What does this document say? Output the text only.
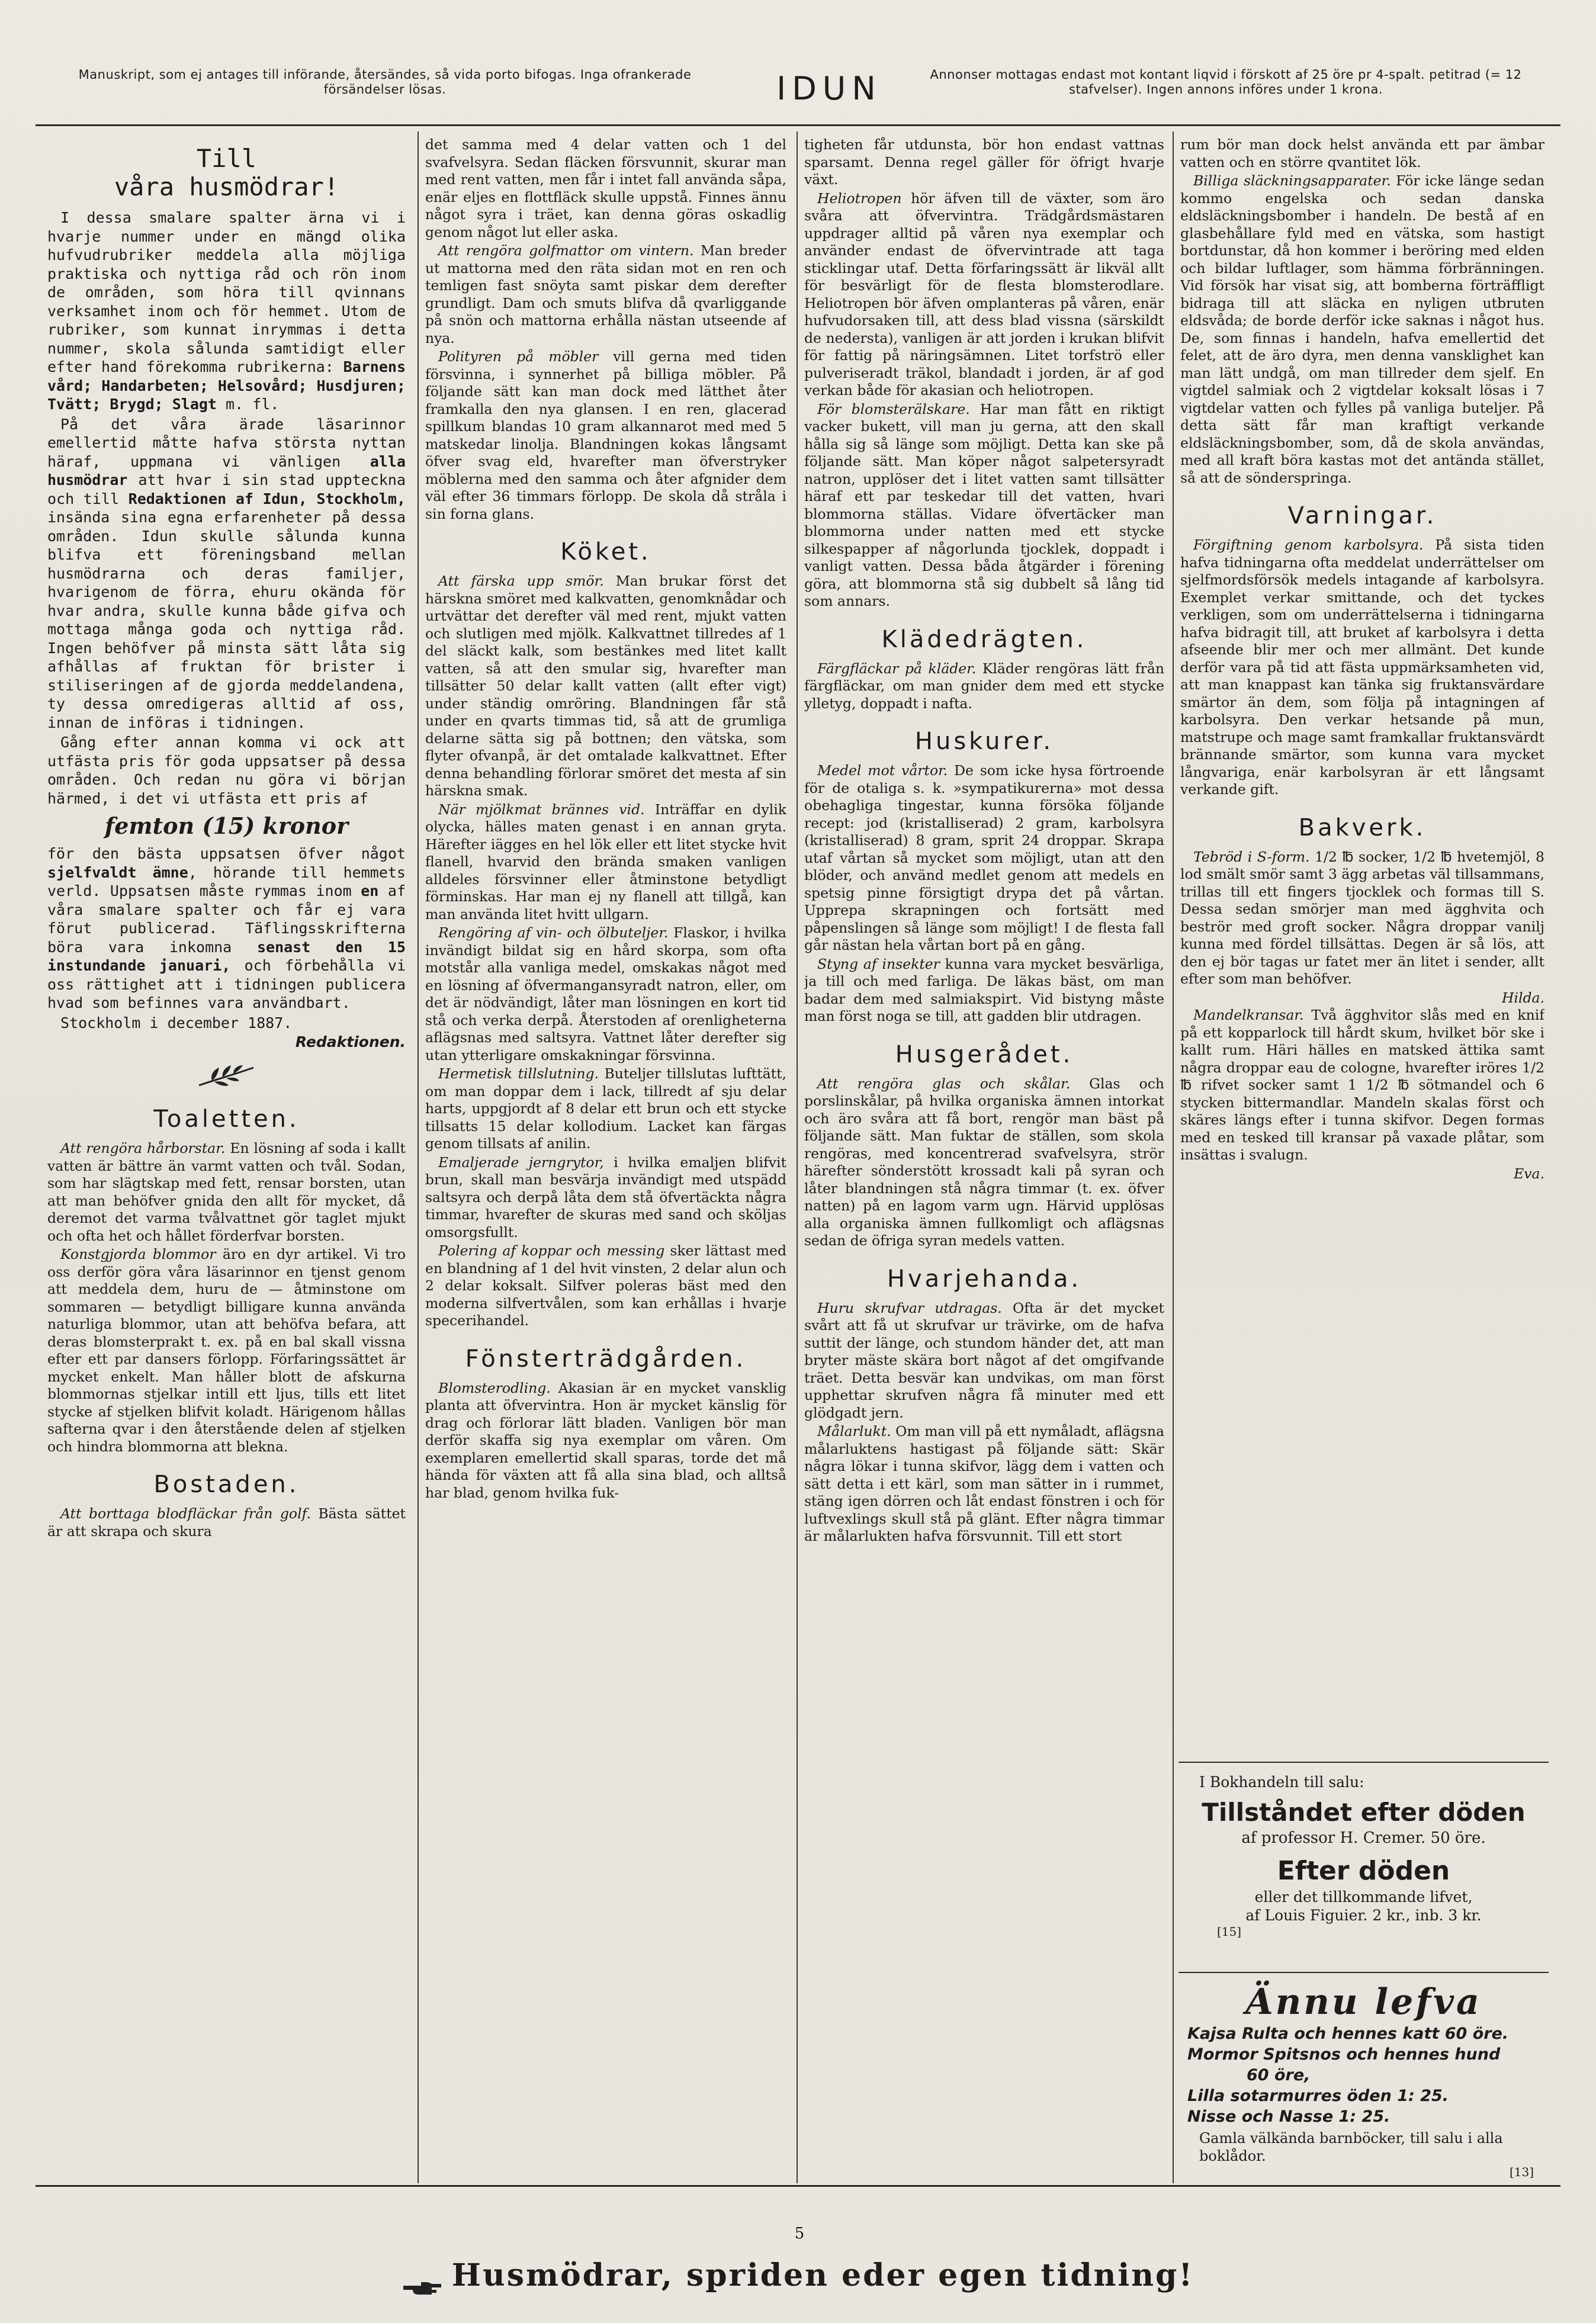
Manuskript, som ej antages till införande, återsändes, så vida porto bifogas. Inga ofrankerade försändelser lösas.	IDUN	Annonser mottagas endast mot kontant liqvid i förskott af 25 öre pr 4-spalt. petitrad (= 12 stafvelser). Ingen annons införes under 1 krona.
Till
våra husmödrar!

I dessa smalare spalter ärna vi i hvarje nummer under en mängd olika hufvudrubriker meddela alla möjliga praktiska och nyttiga råd och rön inom de områden, som höra till qvinnans verksamhet inom och för hemmet. Utom de rubriker, som kunnat inrymmas i detta nummer, skola sålunda samtidigt eller efter hand förekomma rubrikerna: Barnens vård; Handarbeten; Helsovård; Husdjuren; Tvätt; Brygd; Slagt m. fl.

På det våra ärade läsarinnor emellertid måtte hafva största nyttan häraf, uppmana vi vänligen alla husmödrar att hvar i sin stad uppteckna och till Redaktionen af Idun, Stockholm, insända sina egna erfarenheter på dessa områden. Idun skulle sålunda kunna blifva ett föreningsband mellan husmödrarna och deras familjer, hvarigenom de förra, ehuru okända för hvar andra, skulle kunna både gifva och mottaga många goda och nyttiga råd. Ingen behöfver på minsta sätt låta sig afhållas af fruktan för brister i stiliseringen af de gjorda meddelandena, ty dessa omredigeras alltid af oss, innan de införas i tidningen.

Gång efter annan komma vi ock att utfästa pris för goda uppsatser på dessa områden. Och redan nu göra vi början härmed, i det vi utfästa ett pris af

femton (15) kronor

för den bästa uppsatsen öfver något sjelfvaldt ämne, hörande till hemmets verld. Uppsatsen måste rymmas inom en af våra smalare spalter och får ej vara förut publicerad. Täflingsskrifterna böra vara inkomna senast den 15 instundande januari, och förbehålla vi oss rättighet att i tidningen publicera hvad som befinnes vara användbart.

Stockholm i december 1887.

Redaktionen.
Toaletten.

Att rengöra hårborstar. En lösning af soda i kallt vatten är bättre än varmt vatten och tvål. Sodan, som har slägtskap med fett, rensar borsten, utan att man behöfver gnida den allt för mycket, då deremot det varma tvålvattnet gör taglet mjukt och ofta het och hållet förderfvar borsten.

Konstgjorda blommor äro en dyr artikel. Vi tro oss derför göra våra läsarinnor en tjenst genom att meddela dem, huru de — åtminstone om sommaren — betydligt billigare kunna använda naturliga blommor, utan att behöfva befara, att deras blomsterprakt t. ex. på en bal skall vissna efter ett par dansers förlopp. Förfaringssättet är mycket enkelt. Man håller blott de afskurna blommornas stjelkar intill ett ljus, tills ett litet stycke af stjelken blifvit koladt. Härigenom hållas safterna qvar i den återstående delen af stjelken och hindra blommorna att blekna.

Bostaden.

Att borttaga blodfläckar från golf. Bästa sättet är att skrapa och skura

det samma med 4 delar vatten och 1 del svafvelsyra. Sedan fläcken försvunnit, skurar man med rent vatten, men får i intet fall använda såpa, enär eljes en flottfläck skulle uppstå. Finnes ännu något syra i träet, kan denna göras oskadlig genom något lut eller aska.

Att rengöra golfmattor om vintern. Man breder ut mattorna med den räta sidan mot en ren och temligen fast snöyta samt piskar dem derefter grundligt. Dam och smuts blifva då qvarliggande på snön och mattorna erhålla nästan utseende af nya.

Polityren på möbler vill gerna med tiden försvinna, i synnerhet på billiga möbler. På följande sätt kan man dock med lätthet åter framkalla den nya glansen. I en ren, glacerad spillkum blandas 10 gram alkannarot med med 5 matskedar linolja. Blandningen kokas långsamt öfver svag eld, hvarefter man öfverstryker möblerna med den samma och åter afgnider dem väl efter 36 timmars förlopp. De skola då stråla i sin forna glans.

Köket.

Att färska upp smör. Man brukar först det härskna smöret med kalkvatten, genomknådar och urtvättar det derefter väl med rent, mjukt vatten och slutligen med mjölk. Kalkvattnet tillredes af 1 del släckt kalk, som bestänkes med litet kallt vatten, så att den smular sig, hvarefter man tillsätter 50 delar kallt vatten (allt efter vigt) under ständig omröring. Blandningen får stå under en qvarts timmas tid, så att de grumliga delarne sätta sig på bottnen; den vätska, som flyter ofvanpå, är det omtalade kalkvattnet. Efter denna behandling förlorar smöret det mesta af sin härskna smak.

När mjölkmat brännes vid. Inträffar en dylik olycka, hälles maten genast i en annan gryta. Härefter iägges en hel lök eller ett litet stycke hvit flanell, hvarvid den brända smaken vanligen alldeles försvinner eller åtminstone betydligt förminskas. Har man ej ny flanell att tillgå, kan man använda litet hvitt ullgarn.

Rengöring af vin- och ölbuteljer. Flaskor, i hvilka invändigt bildat sig en hård skorpa, som ofta motstår alla vanliga medel, omskakas något med en lösning af öfvermangansyradt natron, eller, om det är nödvändigt, låter man lösningen en kort tid stå och verka derpå. Återstoden af orenligheterna aflägsnas med saltsyra. Vattnet låter derefter sig utan ytterligare omskakningar försvinna.

Hermetisk tillslutning. Buteljer tillslutas lufttätt, om man doppar dem i lack, tillredt af sju delar harts, uppgjordt af 8 delar ett brun och ett stycke tillsatts 15 delar kollodium. Lacket kan färgas genom tillsats af anilin.

Emaljerade jerngrytor, i hvilka emaljen blifvit brun, skall man besvärja invändigt med utspädd saltsyra och derpå låta dem stå öfvertäckta några timmar, hvarefter de skuras med sand och sköljas omsorgsfullt.

Polering af koppar och messing sker lättast med en blandning af 1 del hvit vinsten, 2 delar alun och 2 delar koksalt. Silfver poleras bäst med den moderna silfvertvålen, som kan erhållas i hvarje specerihandel.

Fönsterträdgården.

Blomsterodling. Akasian är en mycket vansklig planta att öfvervintra. Hon är mycket känslig för drag och förlorar lätt bladen. Vanligen bör man derför skaffa sig nya exemplar om våren. Om exemplaren emellertid skall sparas, torde det må hända för växten att få alla sina blad, och alltså har blad, genom hvilka fuk-

tigheten får utdunsta, bör hon endast vattnas sparsamt. Denna regel gäller för öfrigt hvarje växt.

Heliotropen hör äfven till de växter, som äro svåra att öfvervintra. Trädgårdsmästaren uppdrager alltid på våren nya exemplar och använder endast de öfvervintrade att taga sticklingar utaf. Detta förfaringssätt är likväl allt för besvärligt för de flesta blomsterodlare. Heliotropen bör äfven omplanteras på våren, enär hufvudorsaken till, att dess blad vissna (särskildt de nedersta), vanligen är att jorden i krukan blifvit för fattig på näringsämnen. Litet torfströ eller pulveriseradt träkol, blandadt i jorden, är af god verkan både för akasian och heliotropen.

För blomsterälskare. Har man fått en riktigt vacker bukett, vill man ju gerna, att den skall hålla sig så länge som möjligt. Detta kan ske på följande sätt. Man köper något salpetersyradt natron, upplöser det i litet vatten samt tillsätter häraf ett par teskedar till det vatten, hvari blommorna ställas. Vidare öfvertäcker man blommorna under natten med ett stycke silkespapper af någorlunda tjocklek, doppadt i vanligt vatten. Dessa båda åtgärder i förening göra, att blommorna stå sig dubbelt så lång tid som annars.

Klädedrägten.

Färgfläckar på kläder. Kläder rengöras lätt från färgfläckar, om man gnider dem med ett stycke ylletyg, doppadt i nafta.

Huskurer.

Medel mot vårtor. De som icke hysa förtroende för de otaliga s. k. »sympatikurerna» mot dessa obehagliga tingestar, kunna försöka följande recept: jod (kristalliserad) 2 gram, karbolsyra (kristalliserad) 8 gram, sprit 24 droppar. Skrapa utaf vårtan så mycket som möjligt, utan att den blöder, och använd medlet genom att medels en spetsig pinne försigtigt drypa det på vårtan. Upprepa skrapningen och fortsätt med påpenslingen så länge som möjligt! I de flesta fall går nästan hela vårtan bort på en gång.

Styng af insekter kunna vara mycket besvärliga, ja till och med farliga. De läkas bäst, om man badar dem med salmiakspirt. Vid bistyng måste man först noga se till, att gadden blir utdragen.

Husgerådet.

Att rengöra glas och skålar. Glas och porslinskålar, på hvilka organiska ämnen intorkat och äro svåra att få bort, rengör man bäst på följande sätt. Man fuktar de ställen, som skola rengöras, med koncentrerad svafvelsyra, strör härefter sönderstött krossadt kali på syran och låter blandningen stå några timmar (t. ex. öfver natten) på en lagom varm ugn. Härvid upplösas alla organiska ämnen fullkomligt och aflägsnas sedan de öfriga syran medels vatten.

Hvarjehanda.

Huru skrufvar utdragas. Ofta är det mycket svårt att få ut skrufvar ur trävirke, om de hafva suttit der länge, och stundom händer det, att man bryter mäste skära bort något af det omgifvande träet. Detta besvär kan undvikas, om man först upphettar skrufven några få minuter med ett glödgadt jern.

Målarlukt. Om man vill på ett nymåladt, aflägsna målarluktens hastigast på följande sätt: Skär några lökar i tunna skifvor, lägg dem i vatten och sätt detta i ett kärl, som man sätter in i rummet, stäng igen dörren och låt endast fönstren i och för luftvexlings skull stå på glänt. Efter några timmar är målarlukten hafva försvunnit. Till ett stort

rum bör man dock helst använda ett par ämbar vatten och en större qvantitet lök.

Billiga släckningsapparater. För icke länge sedan kommo engelska och sedan danska eldsläckningsbomber i handeln. De bestå af en glasbehållare fyld med en vätska, som hastigt bortdunstar, då hon kommer i beröring med elden och bildar luftlager, som hämma förbränningen. Vid försök har visat sig, att bomberna förträffligt bidraga till att släcka en nyligen utbruten eldsvåda; de borde derför icke saknas i något hus. De, som finnas i handeln, hafva emellertid det felet, att de äro dyra, men denna vansklighet kan man lätt undgå, om man tillreder dem sjelf. En vigtdel salmiak och 2 vigtdelar koksalt lösas i 7 vigtdelar vatten och fylles på vanliga buteljer. På detta sätt får man kraftigt verkande eldsläckningsbomber, som, då de skola användas, med all kraft böra kastas mot det antända stället, så att de sönderspringa.

Varningar.

Förgiftning genom karbolsyra. På sista tiden hafva tidningarna ofta meddelat underrättelser om sjelfmordsförsök medels intagande af karbolsyra. Exemplet verkar smittande, och det tyckes verkligen, som om underrättelserna i tidningarna hafva bidragit till, att bruket af karbolsyra i detta afseende blir mer och mer allmänt. Det kunde derför vara på tid att fästa uppmärksamheten vid, att man knappast kan tänka sig fruktansvärdare smärtor än dem, som följa på intagningen af karbolsyra. Den verkar hetsande på mun, matstrupe och mage samt framkallar fruktansvärdt brännande smärtor, som kunna vara mycket långvariga, enär karbolsyran är ett långsamt verkande gift.

Bakverk.

Tebröd i S-form. 1/2 ℔ socker, 1/2 ℔ hvetemjöl, 8 lod smält smör samt 3 ägg arbetas väl tillsammans, trillas till ett fingers tjocklek och formas till S. Dessa sedan smörjer man med ägghvita och beströr med groft socker. Några droppar vanilj kunna med fördel tillsättas. Degen är så lös, att den ej bör tagas ur fatet mer än litet i sender, allt efter som man behöfver.

Hilda.

Mandelkransar. Två ägghvitor slås med en knif på ett kopparlock till hårdt skum, hvilket bör ske i kallt rum. Häri hälles en matsked ättika samt några droppar eau de cologne, hvarefter iröres 1/2 ℔ rifvet socker samt 1 1/2 ℔ sötmandel och 6 stycken bittermandlar. Mandeln skalas först och skäres längs efter i tunna skifvor. Degen formas med en tesked till kransar på vaxade plåtar, som insättas i svalugn.

Eva.
I Bokhandeln till salu:
Tillståndet efter döden
af professor H. Cremer. 50 öre.
Efter döden
eller det tillkommande lifvet,
af Louis Figuier. 2 kr., inb. 3 kr.
[15]
Ännu lefva
Kajsa Rulta och hennes katt 60 öre.
Mormor Spitsnos och hennes hund
60 öre,
Lilla sotarmurres öden 1: 25.
Nisse och Nasse 1: 25.
Gamla välkända barnböcker, till salu i alla boklådor.
[13]
5
Husmödrar, spriden eder egen tidning!
